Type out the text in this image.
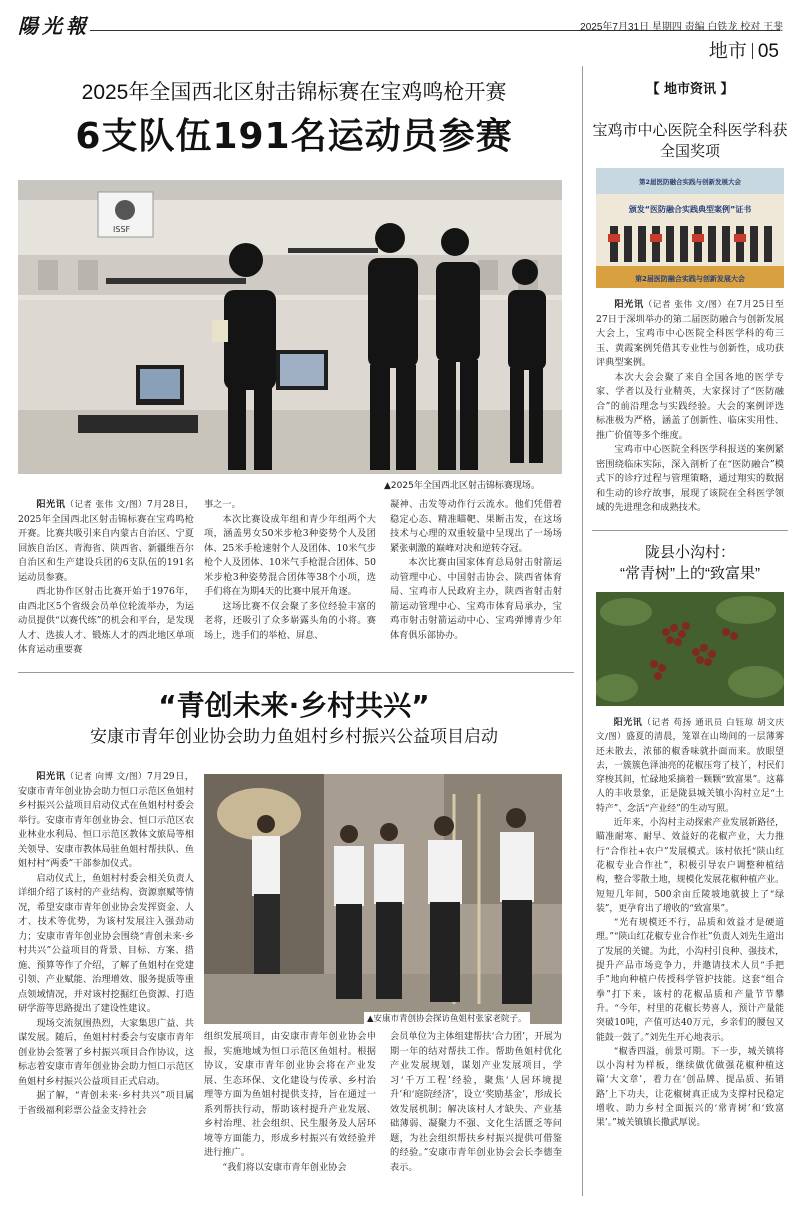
陽光報	2025年7月31日 星期四 责编 白铁龙 校对 王斐
地市 05
2025年全国西北区射击锦标赛在宝鸡鸣枪开赛
6支队伍191名运动员参赛
ISSF
▲2025年全国西北区射击锦标赛现场。

阳光讯（记者 张伟 文/图）7月28日，2025年全国西北区射击锦标赛在宝鸡鸣枪开赛。比赛共吸引来自内蒙古自治区、宁夏回族自治区、青海省、陕西省、新疆维吾尔自治区和生产建设兵团的6支队伍的191名运动员参赛。

西北协作区射击比赛开始于1976年，由西北区5个省级会员单位轮流举办，为运动员提供“以赛代练”的机会和平台，是发现人才、选拔人才、锻炼人才的西北地区单项体育运动重要赛

事之一。

本次比赛设成年组和青少年组两个大项，涵盖男女50米步枪3种姿势个人及团体、25米手枪速射个人及团体、10米气步枪个人及团体、10米气手枪混合团体、50米步枪3种姿势混合团体等38个小项，选手们将在为期4天的比赛中展开角逐。

这场比赛不仅会聚了多位经验丰富的老将，还吸引了众多崭露头角的小将。赛场上，选手们的举枪、屏息、

凝神、击发等动作行云流水。他们凭借着稳定心态、精准瞄靶、果断击发，在这场技术与心理的双重较量中呈现出了一场场紧张刺激的巅峰对决和逆转夺冠。

本次比赛由国家体育总局射击射箭运动管理中心、中国射击协会、陕西省体育局、宝鸡市人民政府主办，陕西省射击射箭运动管理中心、宝鸡市体育局承办，宝鸡市射击射箭运动中心、宝鸡弹博青少年体育俱乐部协办。

“青创未来·乡村共兴”
安康市青年创业协会助力鱼姐村乡村振兴公益项目启动

阳光讯（记者 向博 文/图）7月29日，安康市青年创业协会助力恒口示范区鱼姐村乡村振兴公益项目启动仪式在鱼姐村村委会举行。安康市青年创业协会、恒口示范区农业林业水利局、恒口示范区教体文旅局等相关领导、安康市教体局驻鱼姐村帮扶队、鱼姐村村“两委”干部参加仪式。

启动仪式上，鱼姐村村委会相关负责人详细介绍了该村的产业结构、资源禀赋等情况，希望安康市青年创业协会发挥资金、人才、技术等优势，为该村发展注入强劲动力；安康市青年创业协会围绕“青创未来·乡村共兴”公益项目的背景、目标、方案、措施、预算等作了介绍，了解了鱼姐村在党建引领、产业赋能、治理增效、服务提质等重点领域情况，并对该村挖掘红色资源、打造研学游等思路提出了建设性建议。

现场交流氛围热烈，大家集思广益、共谋发展。随后，鱼姐村村委会与安康市青年创业协会签署了乡村振兴项目合作协议，这标志着安康市青年创业协会助力恒口示范区鱼姐村乡村振兴公益项目正式启动。

据了解，“青创未来·乡村共兴”项目属于省级福利彩票公益金支持社会

▲安康市青创协会探访鱼姐村张家老院子。

组织发展项目，由安康市青年创业协会申报，实施地域为恒口示范区鱼姐村。根据协议，安康市青年创业协会将在产业发展、生态环保、文化建设与传承、乡村治理等方面为鱼姐村提供支持，旨在通过一系列帮扶行动，帮助该村提升产业发展、乡村治理、社会组织、民生服务及人居环境等方面能力，形成乡村振兴有效经验并进行推广。

“我们将以安康市青年创业协会

会员单位为主体组建帮扶‘合力团’，开展为期一年的结对帮扶工作。帮助鱼姐村优化产业发展规划，谋划产业发展项目，学习‘千万工程’经验，聚焦‘人居环境提升’和‘庭院经济’，设立‘奖励基金’，形成长效发展机制；解决该村人才缺失、产业基础薄弱、凝聚力不强、文化生活匮乏等问题，为社会组织帮扶乡村振兴提供可借鉴的经验。”安康市青年创业协会会长李德奎表示。

【 地市资讯 】
宝鸡市中心医院全科医学科获全国奖项
第2届医防融合实践与创新发展大会
颁发“医防融合实践典型案例”证书
第2届医防融合实践与创新发展大会

阳光讯（记者 张伟 文/图）在7月25日至27日于深圳举办的第二届医防融合与创新发展大会上，宝鸡市中心医院全科医学科的苟三玉、黄霞案例凭借其专业性与创新性，成功获评典型案例。

本次大会会聚了来自全国各地的医学专家、学者以及行业精英，大家探讨了“医防融合”的前沿理念与实践经验。大会的案例评选标准极为严格，涵盖了创新性、临床实用性、推广价值等多个维度。

宝鸡市中心医院全科医学科报送的案例紧密围绕临床实际，深入剖析了在“医防融合”模式下的诊疗过程与管理策略，通过翔实的数据和生动的诊疗故事，展现了该院在全科医学领域的先进理念和成熟技术。

陇县小沟村：
“常青树”上的“致富果”

阳光讯（记者 苟扬 通讯员 白钰琼 胡文庆 文/图）盛夏的清晨，笼罩在山坳间的一层薄雾还未散去，浓郁的椒香味就扑面而来。放眼望去，一簇簇色泽油亮的花椒压弯了枝丫，村民们穿梭其间，忙碌地采摘着一颗颗“致富果”。这幕人的丰收景象，正是陇县城关镇小沟村立足“土特产”、念活“产业经”的生动写照。

近年来，小沟村主动探索产业发展新路径，瞄准耐寒、耐旱、效益好的花椒产业，大力推行“合作社+农户”发展模式。该村依托“陕山红花椒专业合作社”，积极引导农户调整种植结构，整合零散土地，规模化发展花椒种植产业。短短几年间，500余亩丘陵坡地就披上了“绿装”，更孕育出了增收的“致富果”。

“光有规模还不行，品质和效益才是硬道理。”“陕山红花椒专业合作社”负责人刘先生道出了发展的关键。为此，小沟村引良种、强技术，提升产品市场竞争力，并邀请技术人员“手把手”地向种植户传授科学管护技能。这套“组合拳”打下来，该村的花椒品质和产量节节攀升。“今年，村里的花椒长势喜人，预计产量能突破10吨，产值可达40万元，乡亲们的腰包又能鼓一鼓了。”刘先生开心地表示。

“椒香四溢，前景可期。下一步，城关镇将以小沟村为样板，继续做优做强花椒种植这篇‘大文章’，着力在‘创品牌、提品质、拓销路’上下功夫，让花椒树真正成为支撑村民稳定增收、助力乡村全面振兴的‘常青树’和‘致富果’。”城关镇镇长撒武厚说。
